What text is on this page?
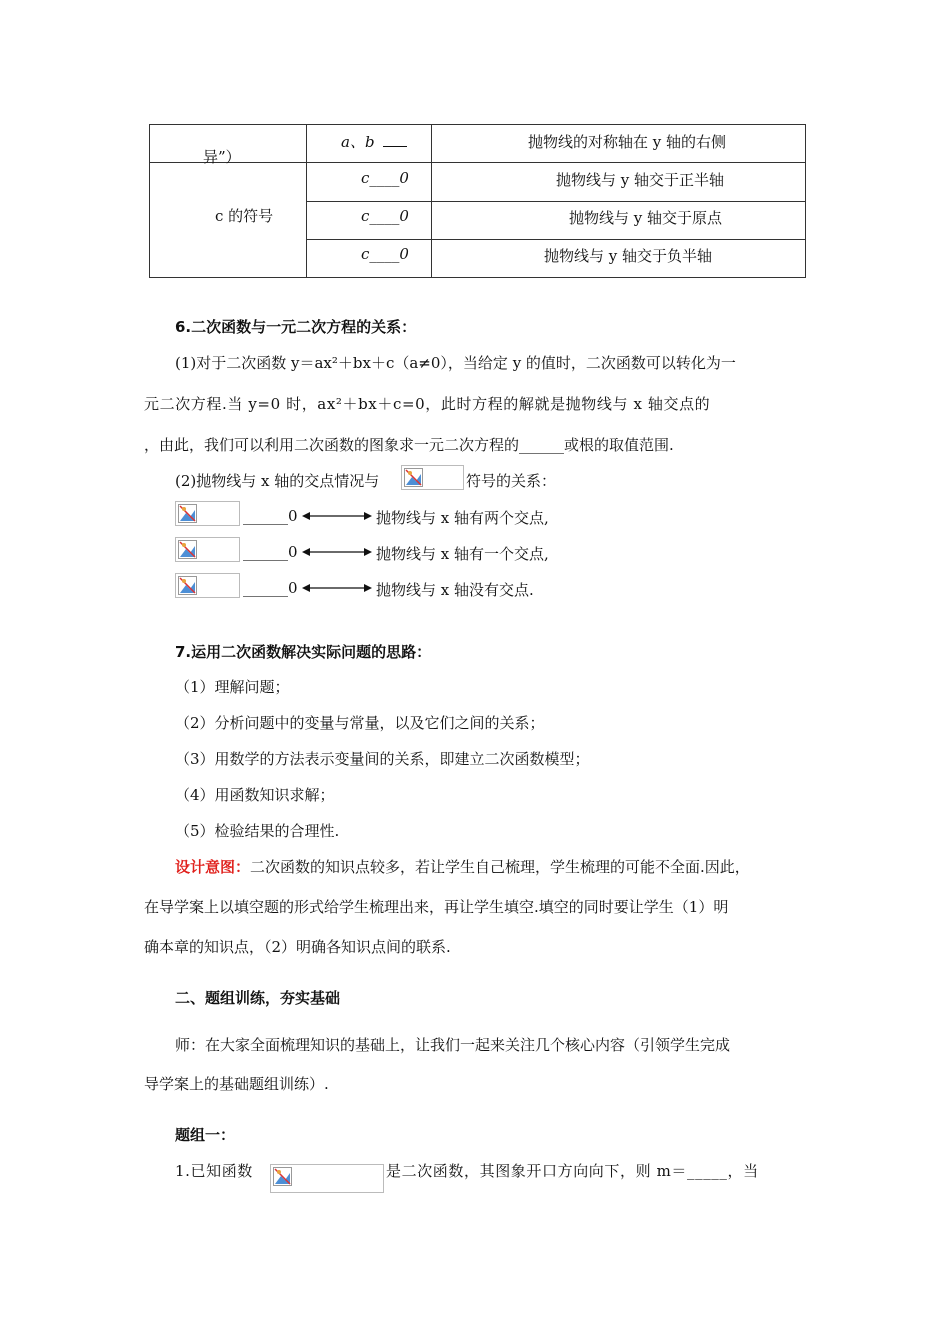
异”）	a、b	抛物线的对称轴在 y 轴的右侧

c 的符号	c____0	抛物线与 y 轴交于正半轴

	c____0	抛物线与 y 轴交于原点

	c____0	抛物线与 y 轴交于负半轴
6.二次函数与一元二次方程的关系：
(1)对于二次函数 y＝ax²＋bx＋c（a≠0），当给定 y 的值时，二次函数可以转化为一
元二次方程.当 y=0 时，ax²＋bx＋c=0，此时方程的解就是抛物线与 x 轴交点的
，由此，我们可以利用二次函数的图象求一元二次方程的______或根的取值范围.
(2)抛物线与 x 轴的交点情况与	符号的关系：
______0	抛物线与 x 轴有两个交点,
______0	抛物线与 x 轴有一个交点,
______0	抛物线与 x 轴没有交点.
7.运用二次函数解决实际问题的思路：
（1）理解问题；
（2）分析问题中的变量与常量，以及它们之间的关系；
（3）用数学的方法表示变量间的关系，即建立二次函数模型；
（4）用函数知识求解；
（5）检验结果的合理性.
设计意图：二次函数的知识点较多，若让学生自己梳理，学生梳理的可能不全面.因此，
在导学案上以填空题的形式给学生梳理出来，再让学生填空.填空的同时要让学生（1）明
确本章的知识点，（2）明确各知识点间的联系.
二、题组训练，夯实基础
师：在大家全面梳理知识的基础上，让我们一起来关注几个核心内容（引领学生完成
导学案上的基础题组训练）.
题组一：
1.已知函数	是二次函数，其图象开口方向向下，则 m＝_____，当
